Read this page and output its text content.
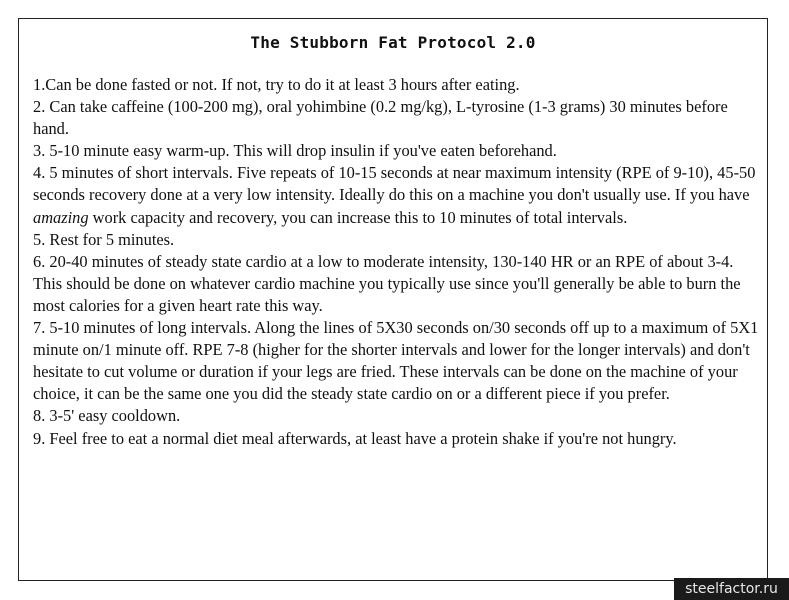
The Stubborn Fat Protocol 2.0

1.Can be done fasted or not. If not, try to do it at least 3 hours after eating.

2. Can take caffeine (100-200 mg), oral yohimbine (0.2 mg/kg), L-tyrosine (1-3 grams) 30 minutes before hand.

3. 5-10 minute easy warm-up. This will drop insulin if you've eaten beforehand.

4. 5 minutes of short intervals. Five repeats of 10-15 seconds at near maximum intensity (RPE of 9-10), 45-50 seconds recovery done at a very low intensity. Ideally do this on a machine you don't usually use. If you have amazing work capacity and recovery, you can increase this to 10 minutes of total intervals.

5. Rest for 5 minutes.

6. 20-40 minutes of steady state cardio at a low to moderate intensity, 130-140 HR or an RPE of about 3-4. This should be done on whatever cardio machine you typically use since you'll generally be able to burn the most calories for a given heart rate this way.

7. 5-10 minutes of long intervals. Along the lines of 5X30 seconds on/30 seconds off up to a maximum of 5X1 minute on/1 minute off. RPE 7-8 (higher for the shorter intervals and lower for the longer intervals) and don't hesitate to cut volume or duration if your legs are fried. These intervals can be done on the machine of your choice, it can be the same one you did the steady state cardio on or a different piece if you prefer.

8. 3-5' easy cooldown.

9. Feel free to eat a normal diet meal afterwards, at least have a protein shake if you're not hungry.

steelfactor.ru
